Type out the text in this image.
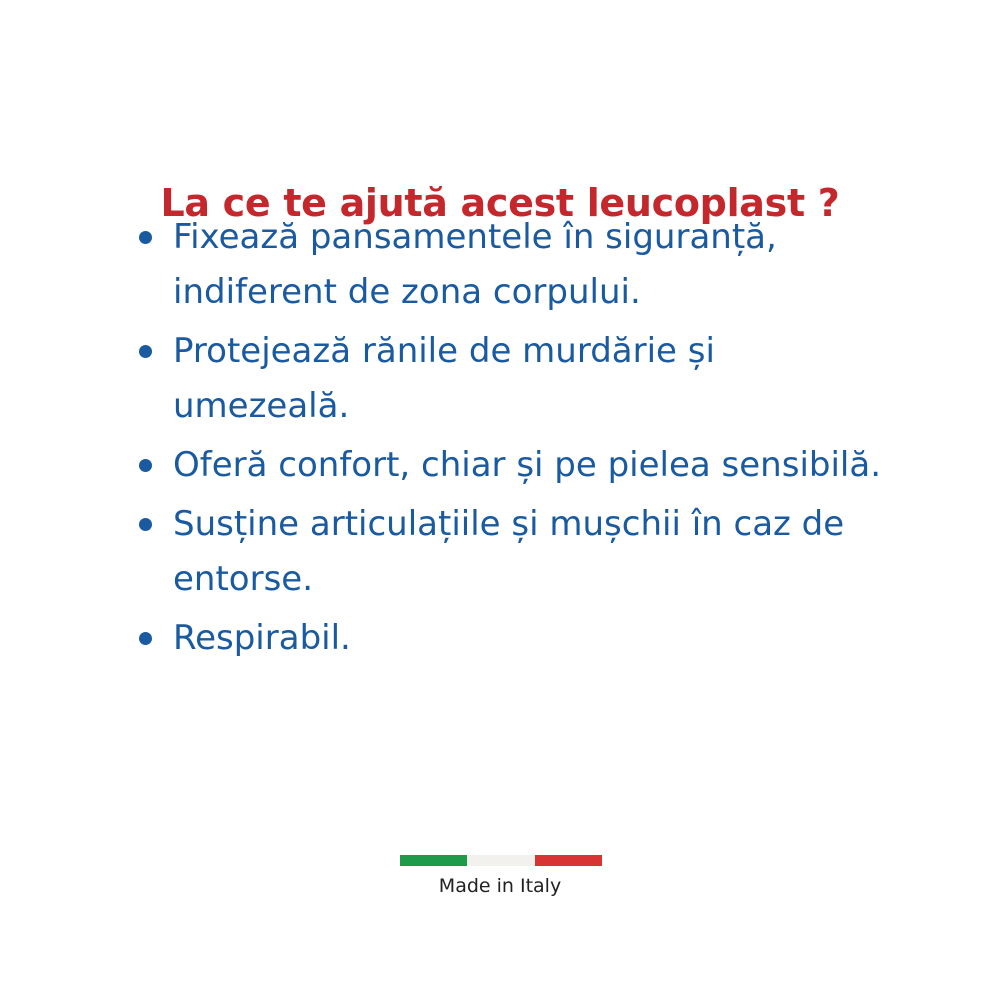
La ce te ajută acest leucoplast ?
Fixează pansamentele în siguranță, indiferent de zona corpului.
Protejează rănile de murdărie și umezeală.
Oferă confort, chiar și pe pielea sensibilă.
Susține articulațiile și mușchii în caz de entorse.
Respirabil.
Made in Italy
